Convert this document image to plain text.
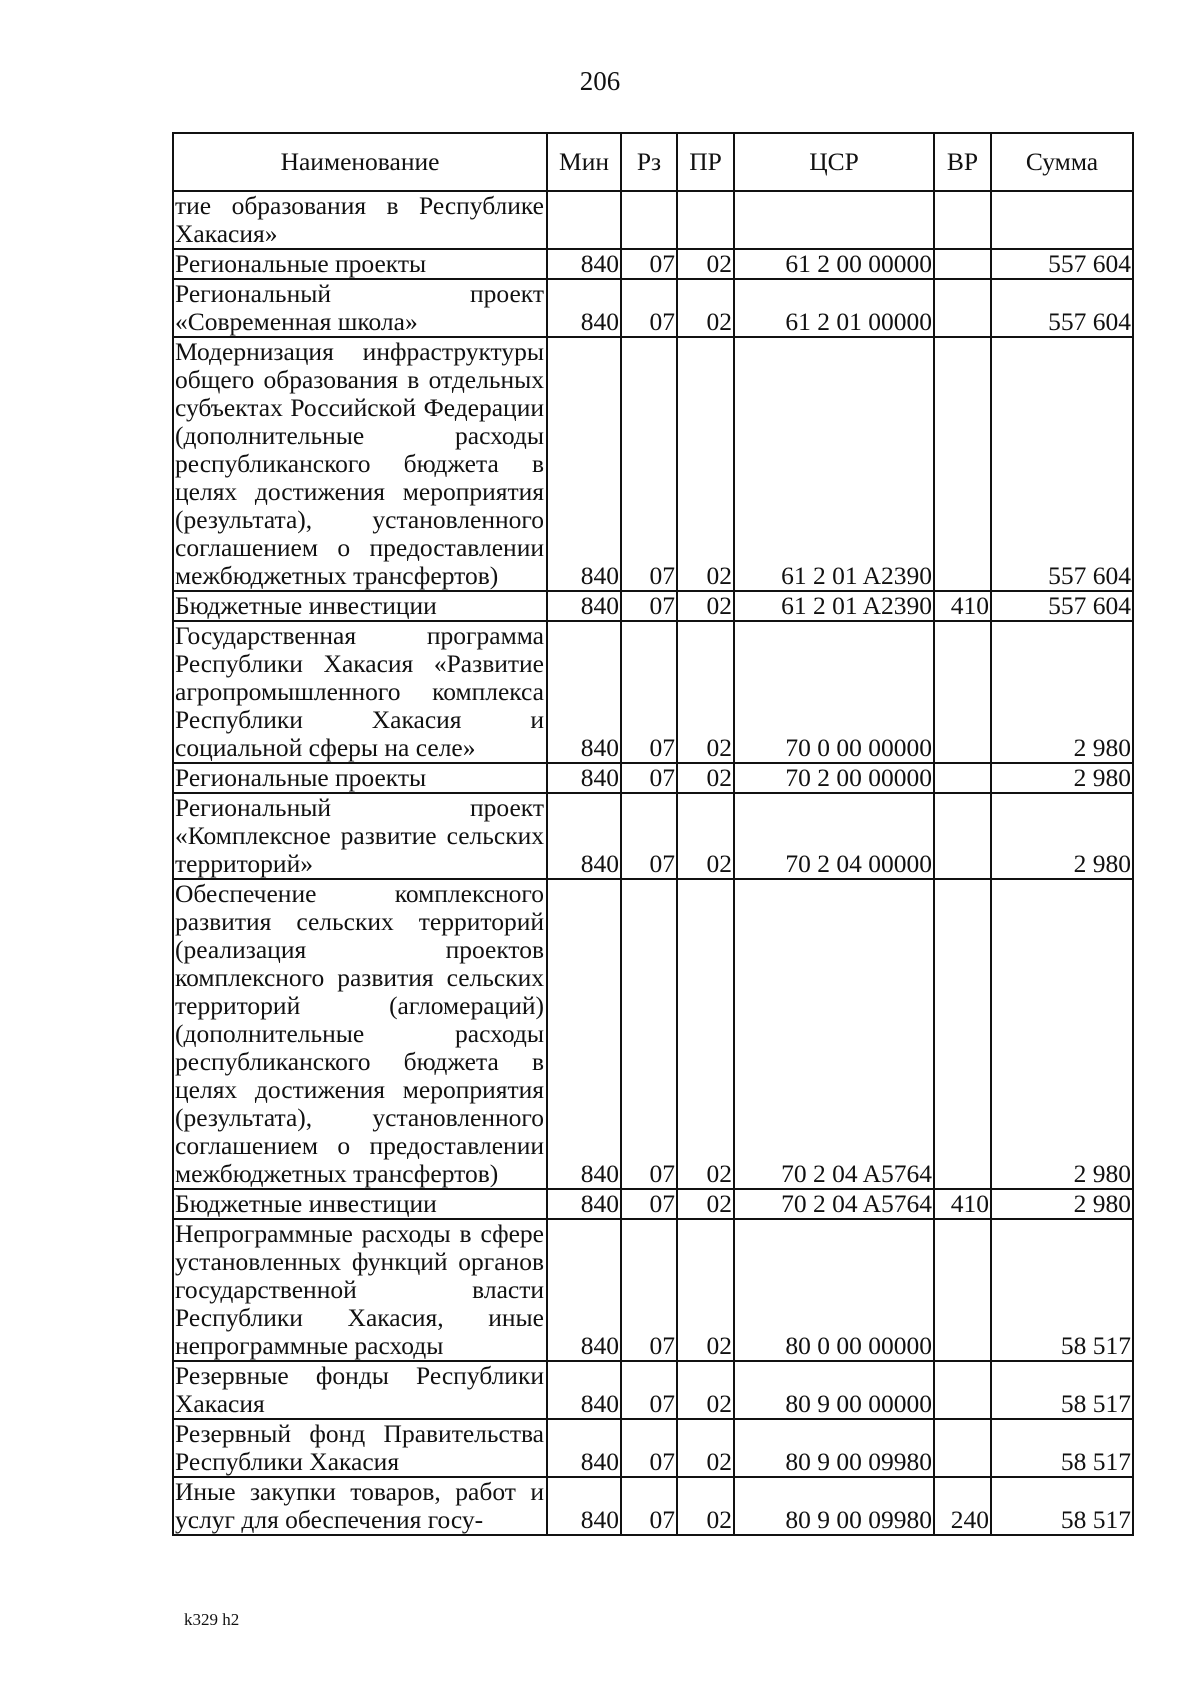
206
Наименование	Мин	Рз	ПР	ЦСР	ВР	Сумма
тие образования в Республике Хакасия»						
Региональные проекты	840	07	02	61 2 00 00000		557 604
Региональный проект «Современная школа»	840	07	02	61 2 01 00000		557 604
Модернизация инфраструктуры общего образования в отдельных субъектах Российской Федерации (дополнительные расходы республиканского бюджета в целях достижения мероприятия (результата), установленного соглашением о предоставлении межбюджетных трансфертов)	840	07	02	61 2 01 A2390		557 604
Бюджетные инвестиции	840	07	02	61 2 01 A2390	410	557 604
Государственная программа Республики Хакасия «Развитие агропромышленного комплекса Республики Хакасия и социальной сферы на селе»	840	07	02	70 0 00 00000		2 980
Региональные проекты	840	07	02	70 2 00 00000		2 980
Региональный проект «Комплексное развитие сельских территорий»	840	07	02	70 2 04 00000		2 980
Обеспечение комплексного развития сельских территорий (реализация проектов комплексного развития сельских территорий (агломераций) (дополнительные расходы республиканского бюджета в целях достижения мероприятия (результата), установленного соглашением о предоставлении межбюджетных трансфертов)	840	07	02	70 2 04 A5764		2 980
Бюджетные инвестиции	840	07	02	70 2 04 A5764	410	2 980
Непрограммные расходы в сфере установленных функций органов государственной власти Республики Хакасия, иные непрограммные расходы	840	07	02	80 0 00 00000		58 517
Резервные фонды Республики Хакасия	840	07	02	80 9 00 00000		58 517
Резервный фонд Правительства Республики Хакасия	840	07	02	80 9 00 09980		58 517
Иные закупки товаров, работ и услуг для обеспечения госу-	840	07	02	80 9 00 09980	240	58 517
k329 h2
